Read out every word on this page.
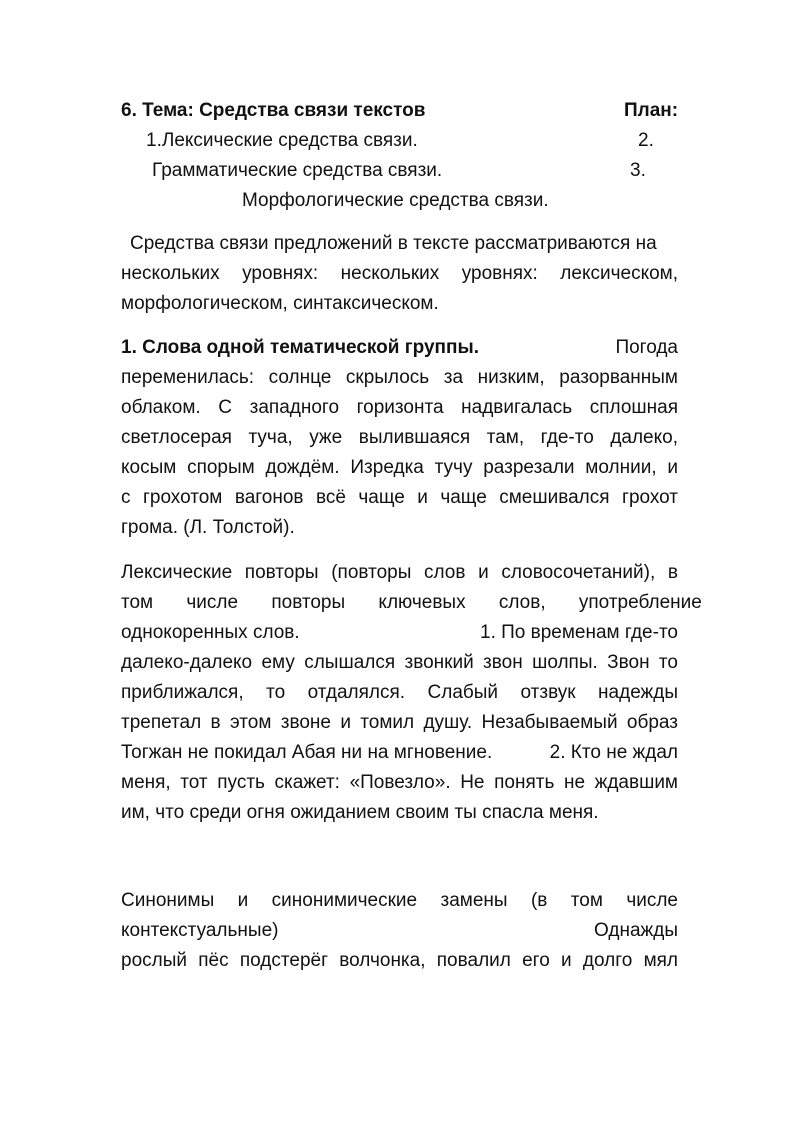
6. Тема: Средства связи текстов	План:
1.Лексические средства связи.	2.
Грамматические средства связи.	3.
Морфологические средства связи.
Средства связи предложений в тексте рассматриваются на
нескольких уровнях: нескольких уровнях: лексическом,
морфологическом, синтаксическом.
1. Слова одной тематической группы.	Погода
переменилась: солнце скрылось за низким, разорванным
облаком. С западного горизонта надвигалась сплошная
светлосерая туча, уже вылившаяся там, где-то далеко,
косым спорым дождём. Изредка тучу разрезали молнии, и
с грохотом вагонов всё чаще и чаще смешивался грохот
грома. (Л. Толстой).
Лексические повторы (повторы слов и словосочетаний), в
том числе повторы ключевых слов, употребление
однокоренных слов.	1. По временам где-то
далеко-далеко ему слышался звонкий звон шолпы. Звон то
приближался, то отдалялся. Слабый отзвук надежды
трепетал в этом звоне и томил душу. Незабываемый образ
Тогжан не покидал Абая ни на мгновение.	2. Кто не ждал
меня, тот пусть скажет: «Повезло». Не понять не ждавшим
им, что среди огня ожиданием своим ты спасла меня.
Синонимы и синонимические замены (в том числе
контекстуальные)	Однажды
рослый пёс подстерёг волчонка, повалил его и долго мял
